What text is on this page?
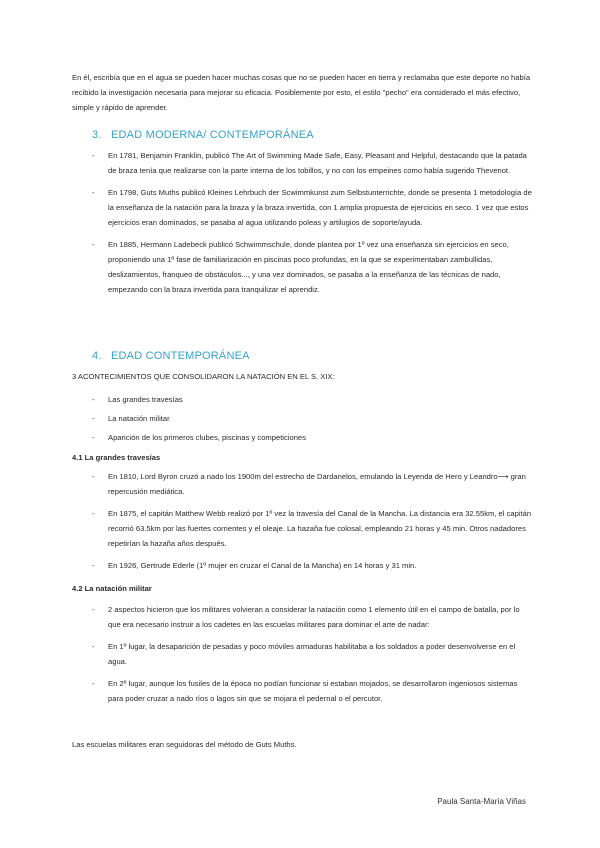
En él, escribía que en el agua se pueden hacer muchas cosas que no se pueden hacer en tierra y reclamaba que este deporte no había recibido la investigación necesaria para mejorar su eficacia. Posiblemente por esto, el estilo "pecho" era considerado el más efectivo, simple y rápido de aprender.

3. EDAD MODERNA/ CONTEMPORÁNEA
- En 1781, Benjamin Franklin, publicó The Art of Swimming Made Safe, Easy, Pleasant and Helpful, destacando que la patada de braza tenía que realizarse con la parte interna de los tobillos, y no con los empeines como había sugerido Thevenot.
- En 1798, Guts Muths publicó Kleines Lehrbuch der Scwimmkunst zum Selbstunterrichte, donde se presenta 1 metodología de la enseñanza de la natación para la braza y la braza invertida, con 1 amplia propuesta de ejercicios en seco. 1 vez que estos ejercicios eran dominados, se pasaba al agua utilizando poleas y artilugios de soporte/ayuda.
- En 1885, Hermann Ladebeck publicó Schwimmschule, donde plantea por 1º vez una enseñanza sin ejercicios en seco, proponiendo una 1º fase de familiarización en piscinas poco profundas, en la que se experimentaban zambullidas, deslizamientos, franqueo de obstáculos..., y una vez dominados, se pasaba a la enseñanza de las técnicas de nado, empezando con la braza invertida para tranquilizar el aprendiz.
4. EDAD CONTEMPORÁNEA
3 ACONTECIMIENTOS QUE CONSOLIDARON LA NATACIÓN EN EL S. XIX:
- Las grandes travesías
- La natación militar
- Aparición de los primeros clubes, piscinas y competiciones
4.1 La grandes travesías
- En 1810, Lord Byron cruzó a nado los 1900m del estrecho de Dardanelos, emulando la Leyenda de Hero y Leandro⟶ gran repercusión mediática.
- En 1875, el capitán Matthew Webb realizó por 1º vez la travesía del Canal de la Mancha. La distancia era 32.55km, el capitán recorrió 63.5km por las fuertes corrientes y el oleaje. La hazaña fue colosal, empleando 21 horas y 45 min. Otros nadadores repetirían la hazaña años después.
- En 1926, Gertrude Ederle (1º mujer en cruzar el Canal de la Mancha) en 14 horas y 31 min.
4.2 La natación militar
- 2 aspectos hicieron que los militares volvieran a considerar la natación como 1 elemento útil en el campo de batalla, por lo que era necesario instruir a los cadetes en las escuelas militares para dominar el arte de nadar:
- En 1º lugar, la desaparición de pesadas y poco móviles armaduras habilitaba a los soldados a poder desenvolverse en el agua.
- En 2º lugar, aunque los fusiles de la época no podían funcionar si estaban mojados, se desarrollaron ingeniosos sistemas para poder cruzar a nado ríos o lagos sin que se mojara el pedernal o el percutor.
Las escuelas militares eran seguidoras del método de Guts Muths.
Paula Santa-María Viñas
